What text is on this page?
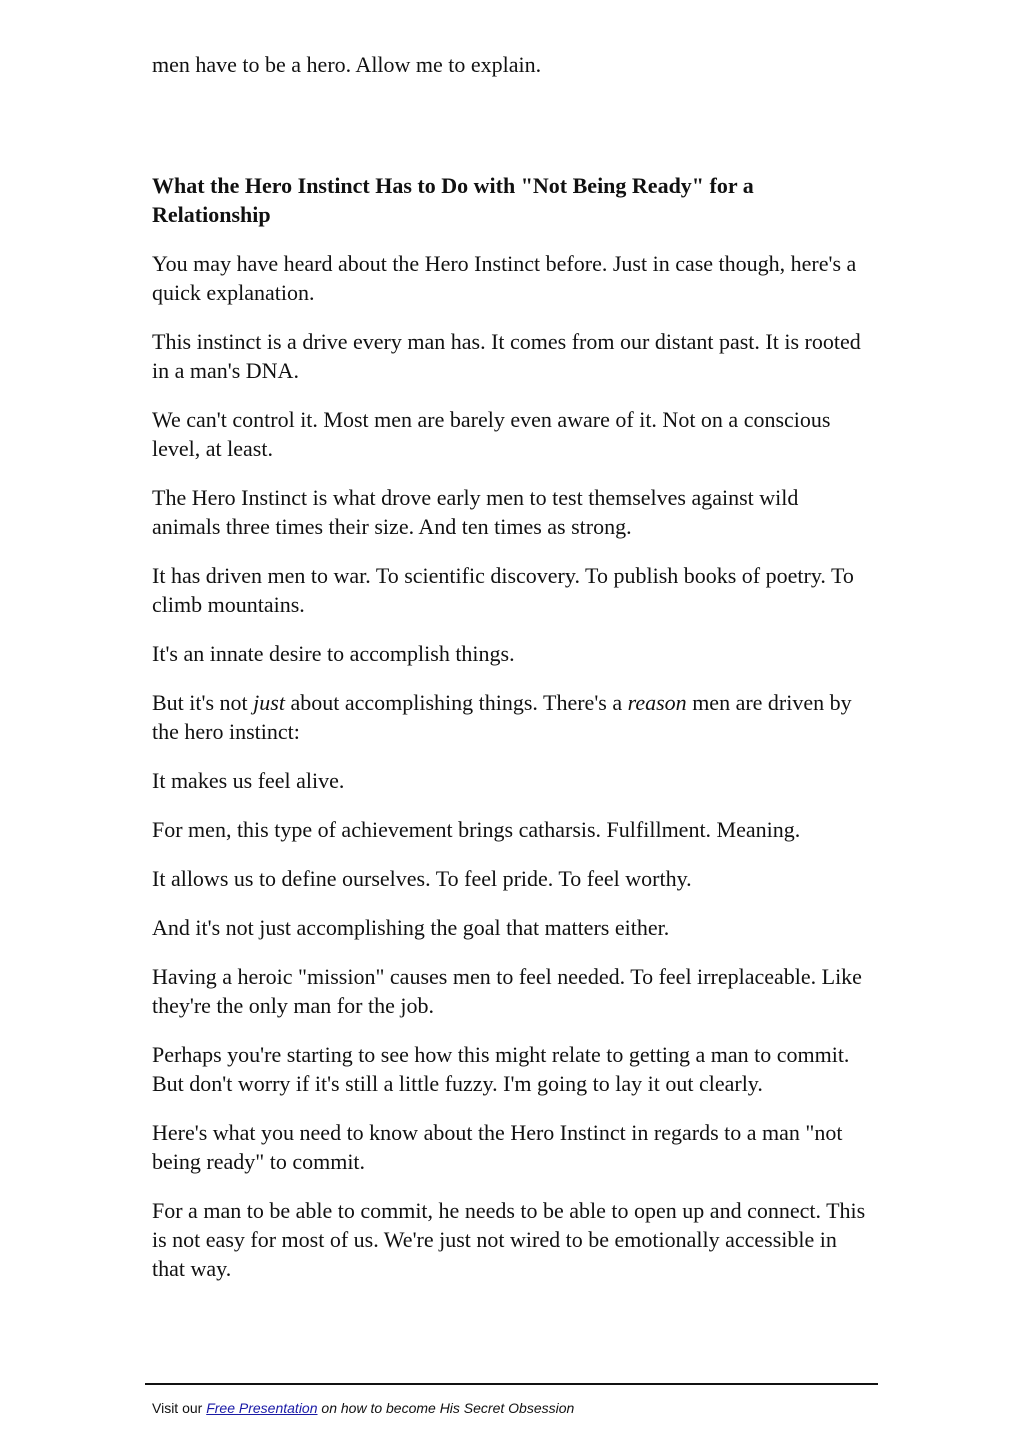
men have to be a hero. Allow me to explain.

What the Hero Instinct Has to Do with "Not Being Ready" for a Relationship

You may have heard about the Hero Instinct before. Just in case though, here's a quick explanation.

This instinct is a drive every man has. It comes from our distant past. It is rooted in a man's DNA.

We can't control it. Most men are barely even aware of it. Not on a conscious level, at least.

The Hero Instinct is what drove early men to test themselves against wild animals three times their size. And ten times as strong.

It has driven men to war. To scientific discovery. To publish books of poetry. To climb mountains.

It's an innate desire to accomplish things.

But it's not just about accomplishing things. There's a reason men are driven by the hero instinct:

It makes us feel alive.

For men, this type of achievement brings catharsis. Fulfillment. Meaning.

It allows us to define ourselves. To feel pride. To feel worthy.

And it's not just accomplishing the goal that matters either.

Having a heroic "mission" causes men to feel needed. To feel irreplaceable. Like they're the only man for the job.

Perhaps you're starting to see how this might relate to getting a man to commit. But don't worry if it's still a little fuzzy. I'm going to lay it out clearly.

Here's what you need to know about the Hero Instinct in regards to a man "not being ready" to commit.

For a man to be able to commit, he needs to be able to open up and connect. This is not easy for most of us. We're just not wired to be emotionally accessible in that way.

Visit our Free Presentation on how to become His Secret Obsession
